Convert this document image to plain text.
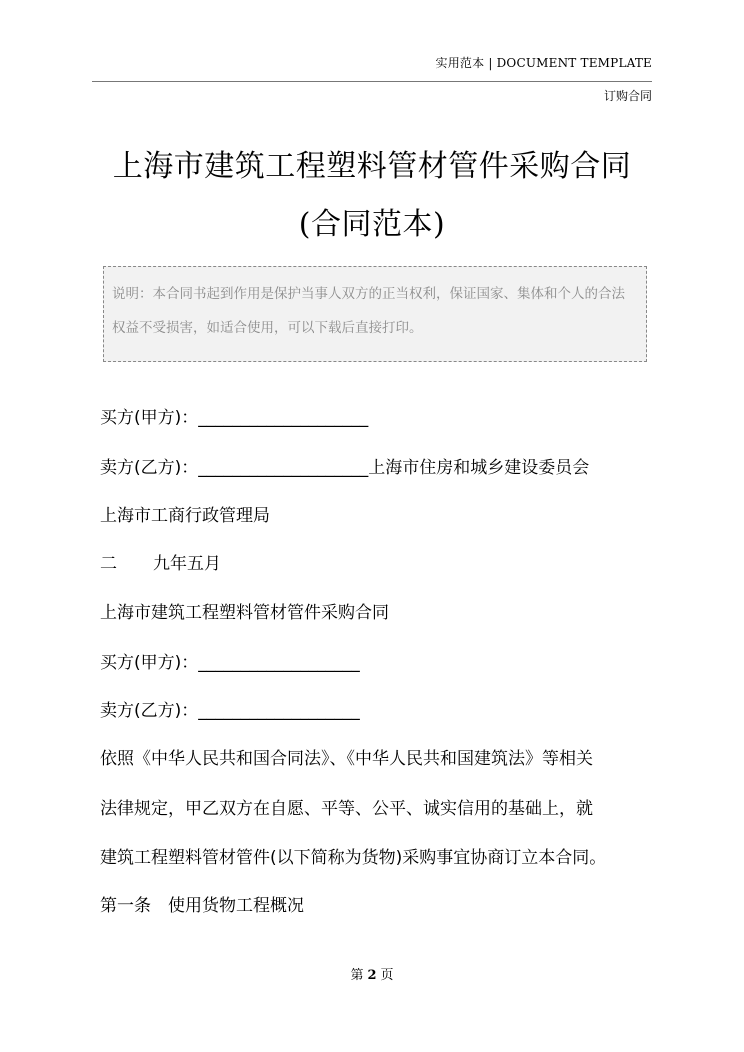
实用范本 | DOCUMENT TEMPLATE
订购合同
上海市建筑工程塑料管材管件采购合同
(合同范本)
说明：本合同书起到作用是保护当事人双方的正当权利，保证国家、集体和个人的合法权益不受损害，如适合使用，可以下载后直接打印。
买方(甲方)：____________________
卖方(乙方)：____________________上海市住房和城乡建设委员会
上海市工商行政管理局
二 九年五月
上海市建筑工程塑料管材管件采购合同
买方(甲方)：___________________
卖方(乙方)：___________________
依照《中华人民共和国合同法》、《中华人民共和国建筑法》等相关
法律规定，甲乙双方在自愿、平等、公平、诚实信用的基础上，就
建筑工程塑料管材管件(以下简称为货物)采购事宜协商订立本合同。
第一条　使用货物工程概况
第 2 页
